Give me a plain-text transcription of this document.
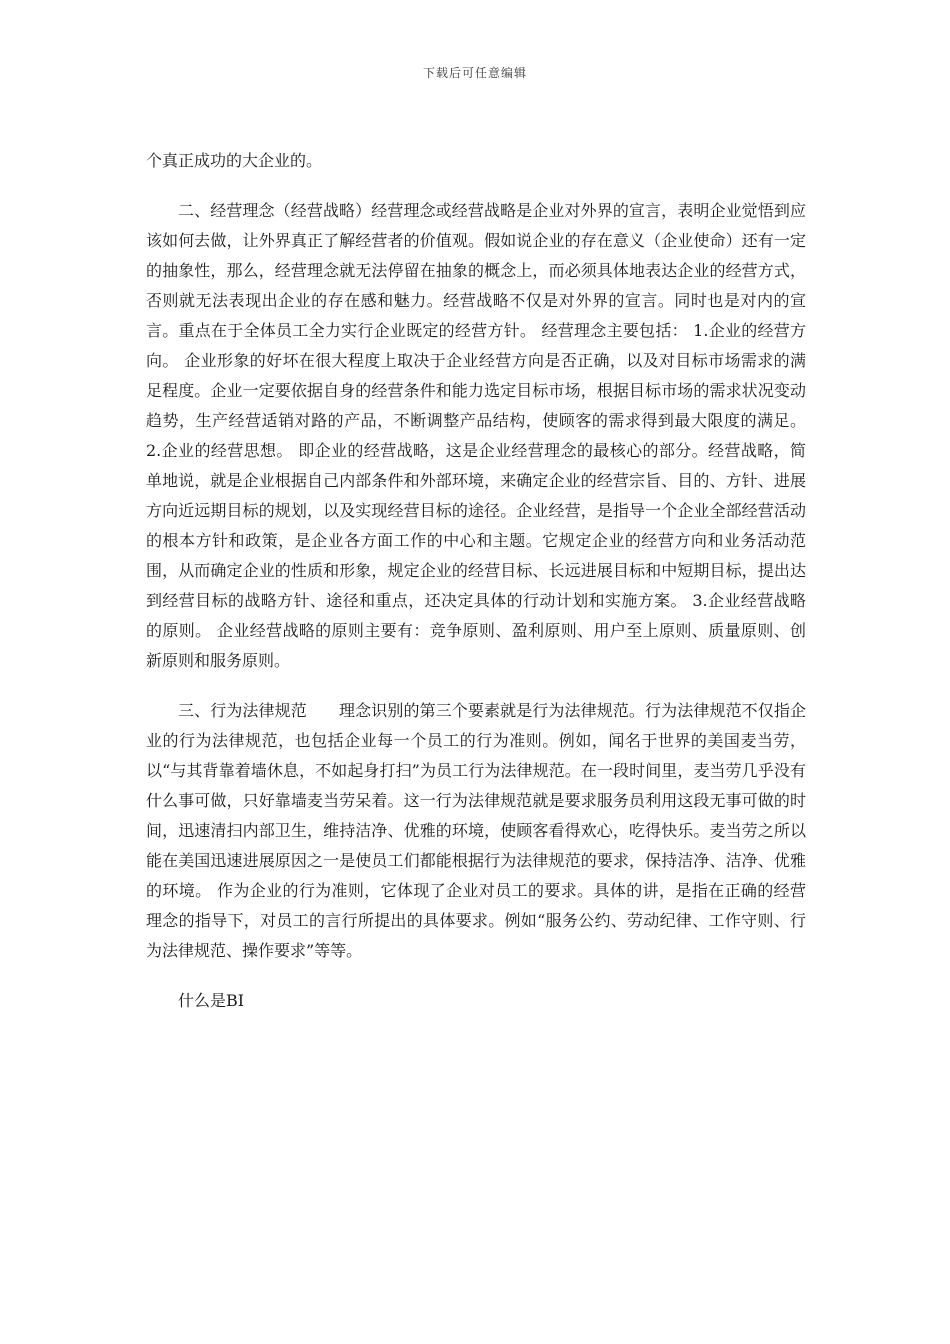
下载后可任意编辑

个真正成功的大企业的。

二、经营理念（经营战略）经营理念或经营战略是企业对外界的宣言，表明企业觉悟到应该如何去做，让外界真正了解经营者的价值观。假如说企业的存在意义（企业使命）还有一定的抽象性，那么，经营理念就无法停留在抽象的概念上，而必须具体地表达企业的经营方式，否则就无法表现出企业的存在感和魅力。经营战略不仅是对外界的宣言。同时也是对内的宣言。重点在于全体员工全力实行企业既定的经营方针。 经营理念主要包括： 1.企业的经营方向。 企业形象的好坏在很大程度上取决于企业经营方向是否正确，以及对目标市场需求的满足程度。企业一定要依据自身的经营条件和能力选定目标市场，根据目标市场的需求状况变动趋势，生产经营适销对路的产品，不断调整产品结构，使顾客的需求得到最大限度的满足。 2.企业的经营思想。 即企业的经营战略，这是企业经营理念的最核心的部分。经营战略，简单地说，就是企业根据自己内部条件和外部环境，来确定企业的经营宗旨、目的、方针、进展方向近远期目标的规划，以及实现经营目标的途径。企业经营，是指导一个企业全部经营活动的根本方针和政策，是企业各方面工作的中心和主题。它规定企业的经营方向和业务活动范围，从而确定企业的性质和形象，规定企业的经营目标、长远进展目标和中短期目标，提出达到经营目标的战略方针、途径和重点，还决定具体的行动计划和实施方案。 3.企业经营战略的原则。 企业经营战略的原则主要有：竞争原则、盈利原则、用户至上原则、质量原则、创新原则和服务原则。

三、行为法律规范　　理念识别的第三个要素就是行为法律规范。行为法律规范不仅指企业的行为法律规范，也包括企业每一个员工的行为准则。例如，闻名于世界的美国麦当劳，以“与其背靠着墙休息，不如起身打扫”为员工行为法律规范。在一段时间里，麦当劳几乎没有什么事可做，只好靠墙麦当劳呆着。这一行为法律规范就是要求服务员利用这段无事可做的时间，迅速清扫内部卫生，维持洁净、优雅的环境，使顾客看得欢心，吃得快乐。麦当劳之所以能在美国迅速进展原因之一是使员工们都能根据行为法律规范的要求，保持洁净、洁净、优雅的环境。 作为企业的行为准则，它体现了企业对员工的要求。具体的讲，是指在正确的经营理念的指导下，对员工的言行所提出的具体要求。例如“服务公约、劳动纪律、工作守则、行为法律规范、操作要求”等等。

什么是BI
